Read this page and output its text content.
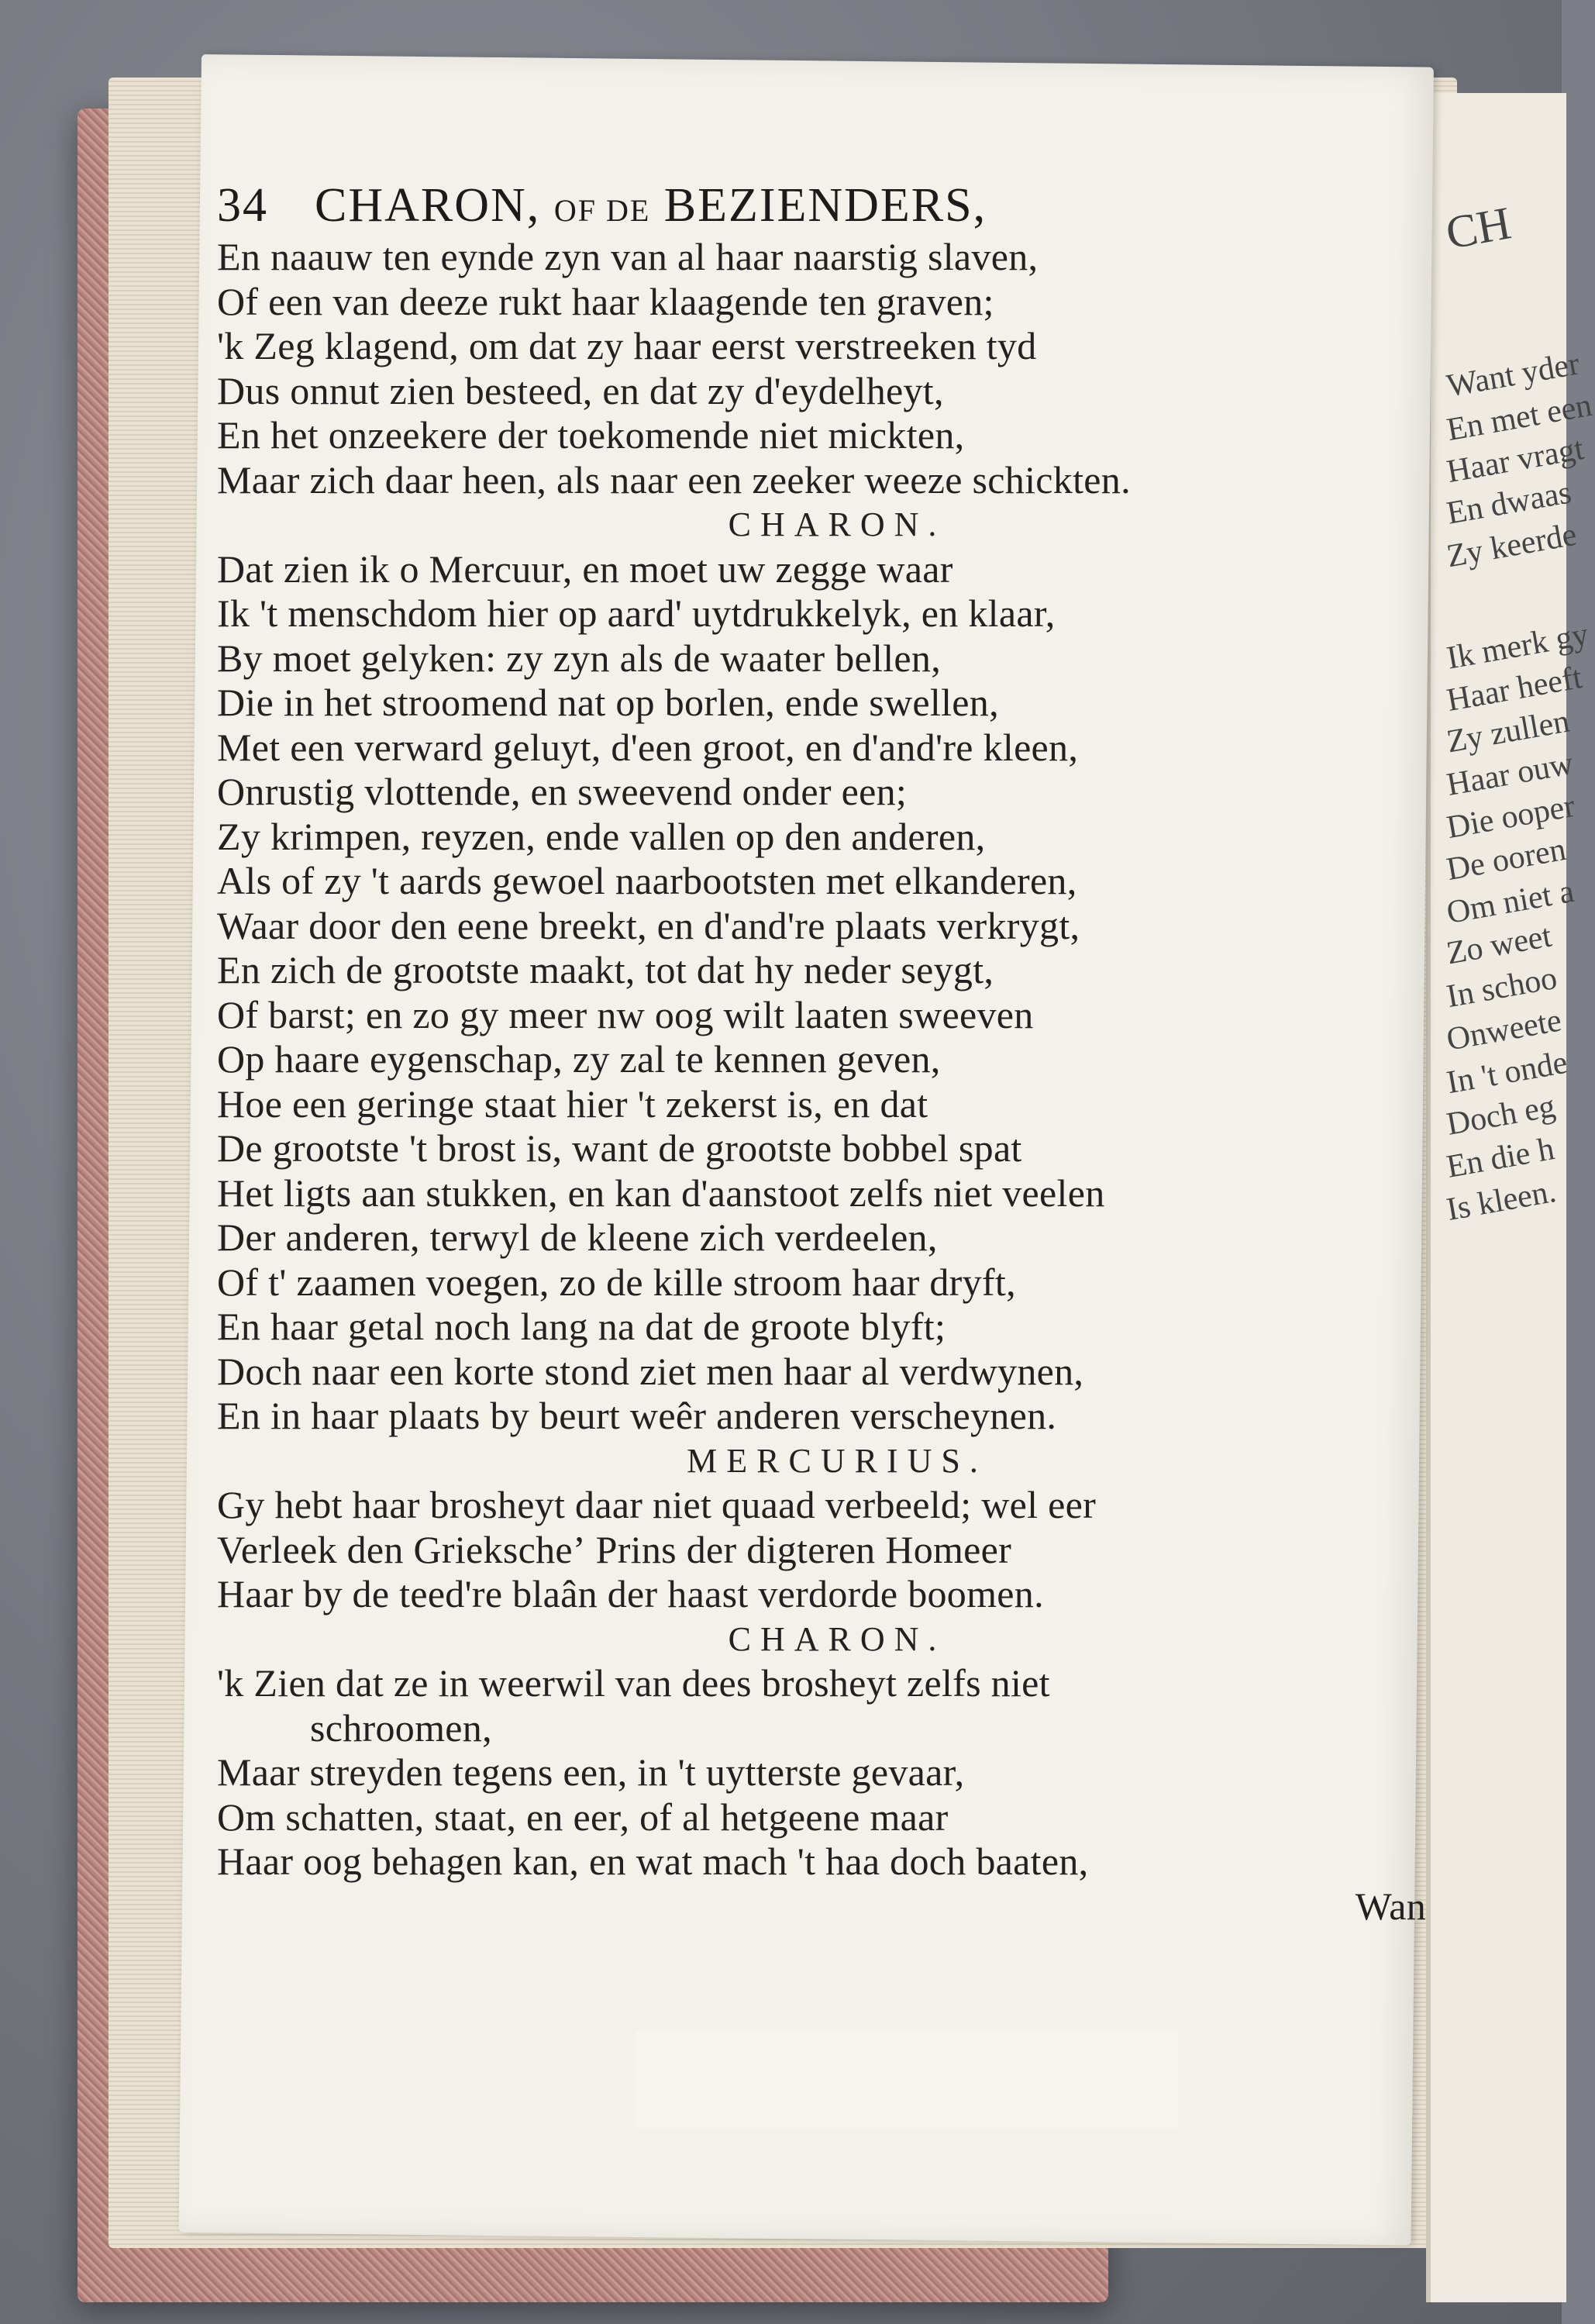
CH
Want yder
En met een
Haar vragt
En dwaas
Zy keerde
Ik merk gy
Haar heeft
Zy zullen
Haar ouw
Die ooper
De ooren
Om niet a
Zo weet
In schoo
Onweete
In 't onde
Doch eg
En die h
Is kleen.
34 CHARON,
OF DE
BEZIENDERS,
En naauw ten eynde zyn van al haar naarstig slaven,
Of een van deeze rukt haar klaagende ten graven;
'k Zeg klagend, om dat zy haar eerst verstreeken tyd
Dus onnut zien besteed, en dat zy d'eydelheyt,
En het onzeekere der toekomende niet mickten,
Maar zich daar heen, als naar een zeeker weeze schickten.
CHARON.
Dat zien ik o Mercuur, en moet uw zegge waar
Ik 't menschdom hier op aard' uytdrukkelyk, en klaar,
By moet gelyken: zy zyn als de waater bellen,
Die in het stroomend nat op borlen, ende swellen,
Met een verward geluyt, d'een groot, en d'and're kleen,
Onrustig vlottende, en sweevend onder een;
Zy krimpen, reyzen, ende vallen op den anderen,
Als of zy 't aards gewoel naarbootsten met elkanderen,
Waar door den eene breekt, en d'and're plaats verkrygt,
En zich de grootste maakt, tot dat hy neder seygt,
Of barst; en zo gy meer nw oog wilt laaten sweeven
Op haare eygenschap, zy zal te kennen geven,
Hoe een geringe staat hier 't zekerst is, en dat
De grootste 't brost is, want de grootste bobbel spat
Het ligts aan stukken, en kan d'aanstoot zelfs niet veelen
Der anderen, terwyl de kleene zich verdeelen,
Of t' zaamen voegen, zo de kille stroom haar dryft,
En haar getal noch lang na dat de groote blyft;
Doch naar een korte stond ziet men haar al verdwynen,
En in haar plaats by beurt weêr anderen verscheynen.
MERCURIUS.
Gy hebt haar brosheyt daar niet quaad verbeeld; wel eer
Verleek den Griekscheʼ Prins der digteren Homeer
Haar by de teed're blaân der haast verdorde boomen.
CHARON.
'k Zien dat ze in weerwil van dees brosheyt zelfs niet
schroomen,
Maar streyden tegens een, in 't uytterste gevaar,
Om schatten, staat, en eer, of al hetgeene maar
Haar oog behagen kan, en wat mach 't haa doch baaten,
Wan
